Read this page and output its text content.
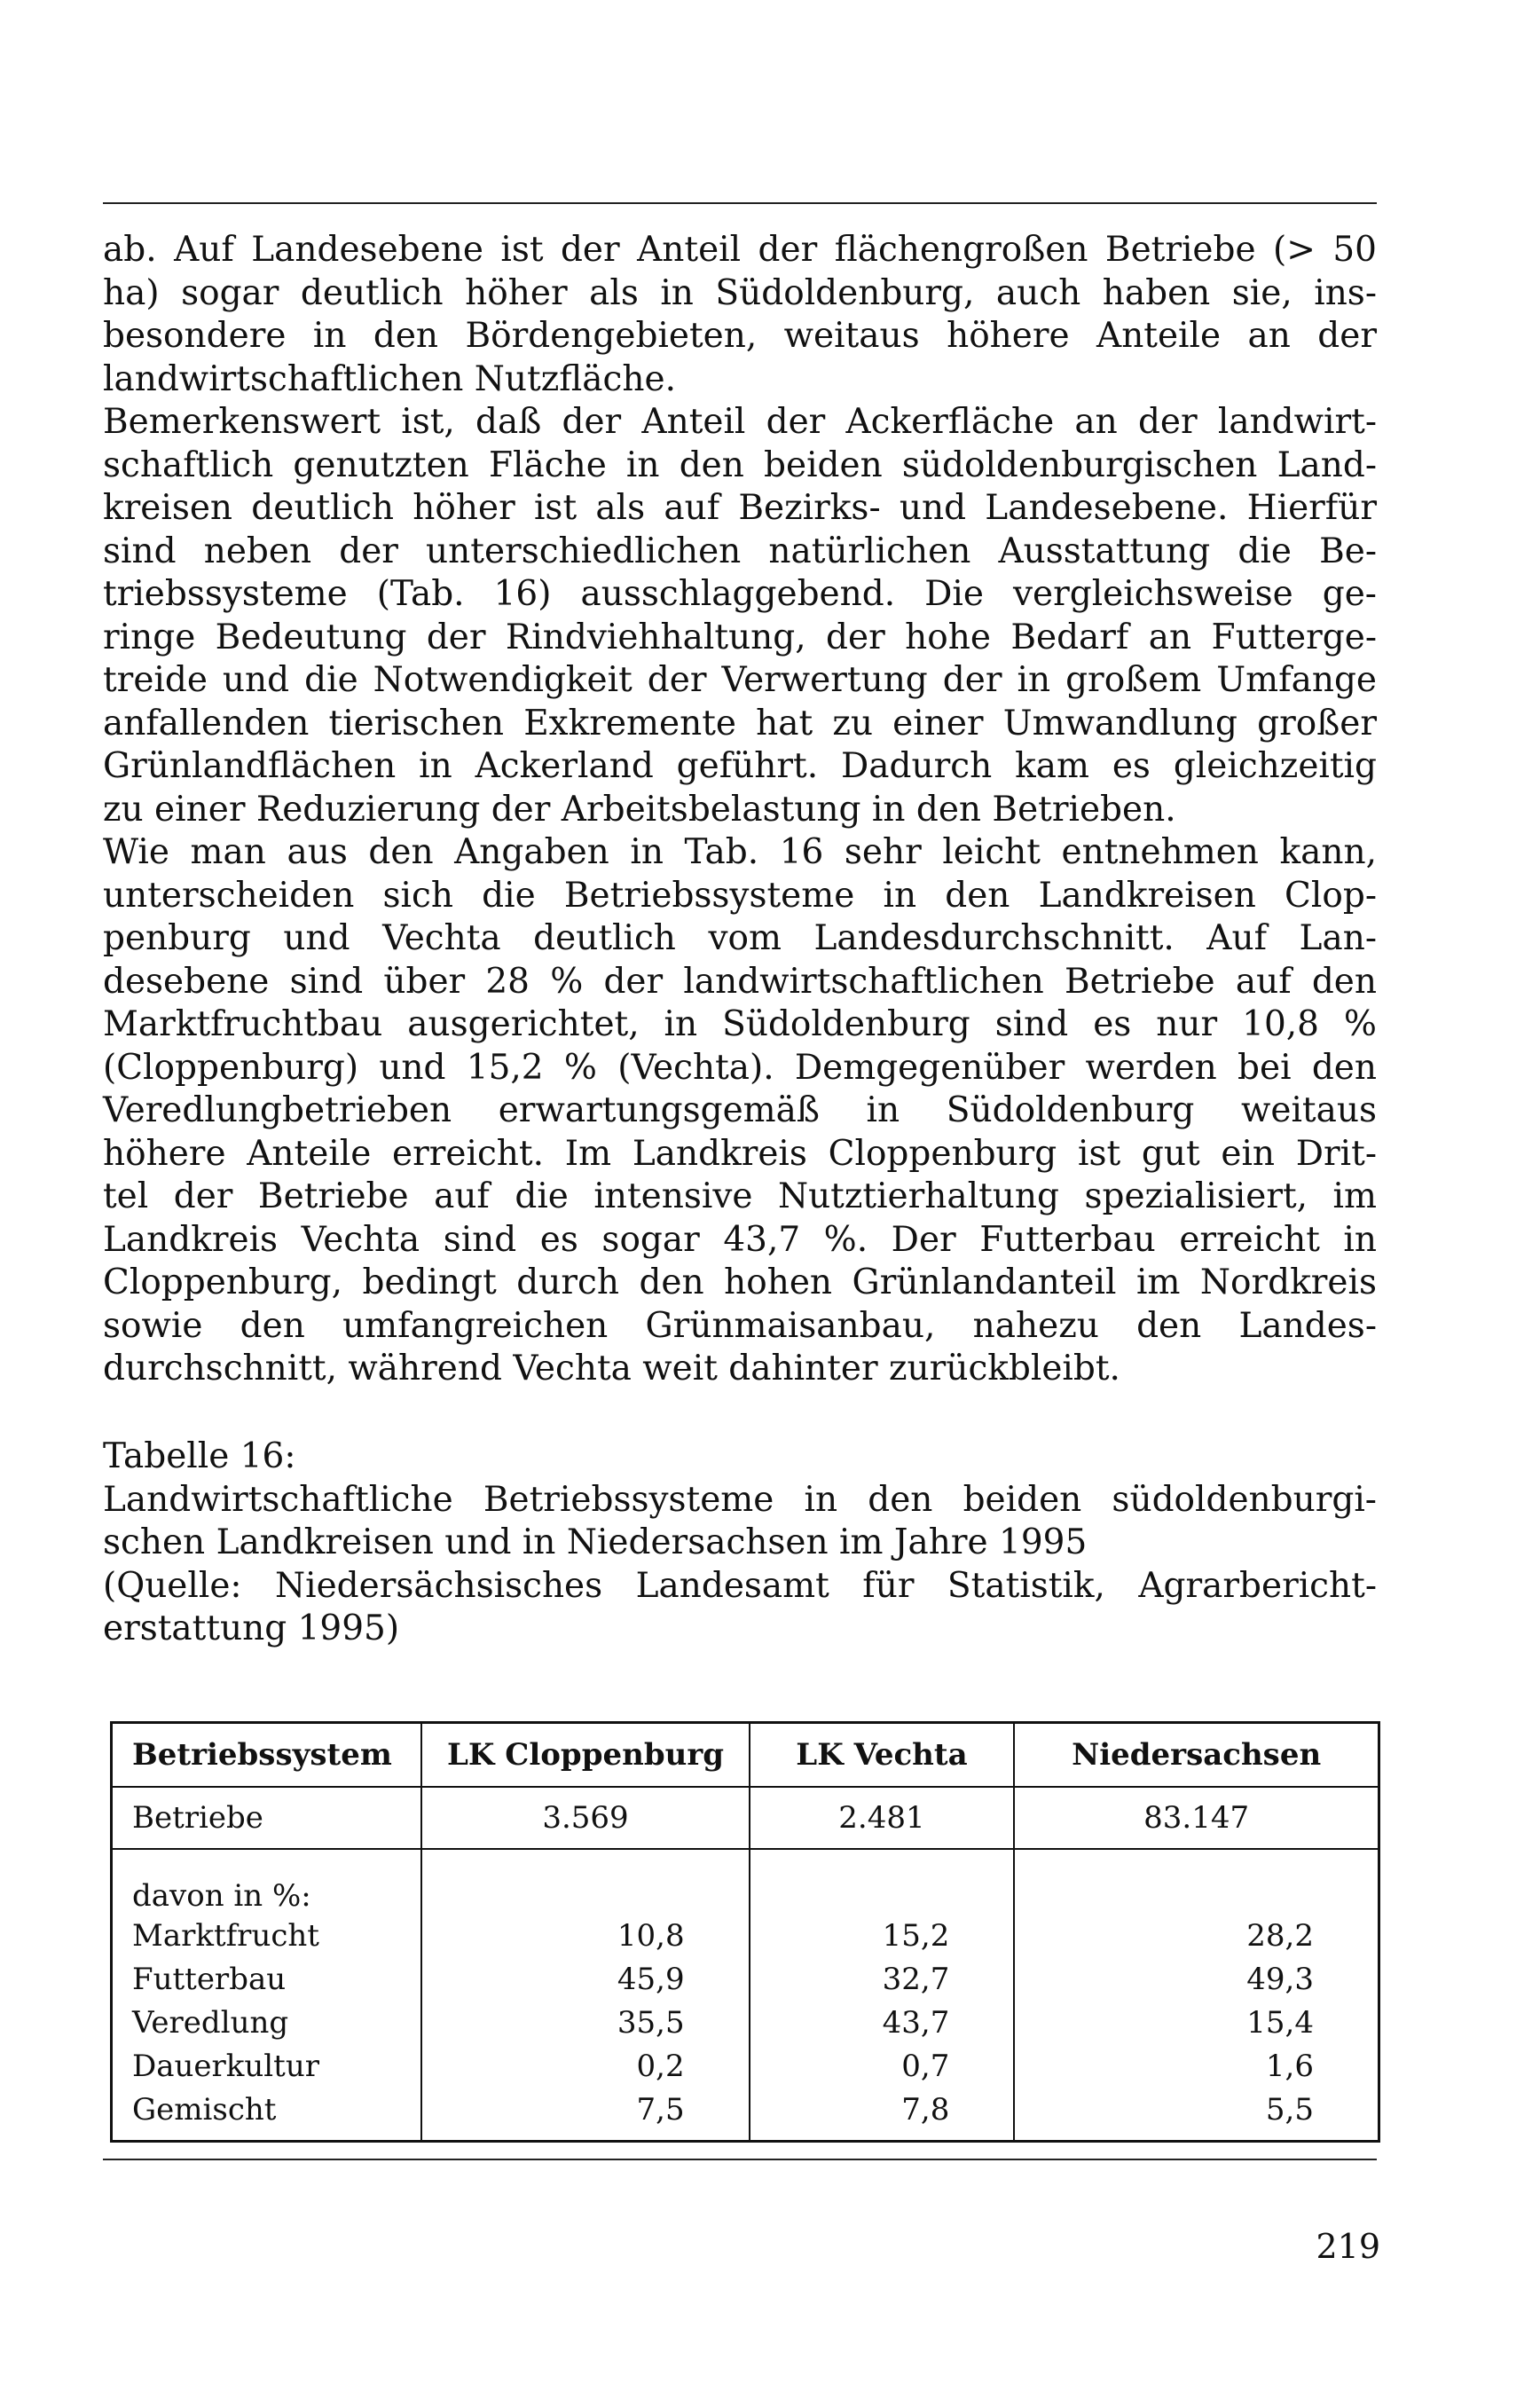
ab. Auf Landesebene ist der Anteil der flächengroßen Betriebe (> 50
ha) sogar deutlich höher als in Südoldenburg, auch haben sie, ins-
besondere in den Bördengebieten, weitaus höhere Anteile an der
landwirtschaftlichen Nutzfläche.
Bemerkenswert ist, daß der Anteil der Ackerfläche an der landwirt-
schaftlich genutzten Fläche in den beiden südoldenburgischen Land-
kreisen deutlich höher ist als auf Bezirks- und Landesebene. Hierfür
sind neben der unterschiedlichen natürlichen Ausstattung die Be-
triebssysteme (Tab. 16) ausschlaggebend. Die vergleichsweise ge-
ringe Bedeutung der Rindviehhaltung, der hohe Bedarf an Futterge-
treide und die Notwendigkeit der Verwertung der in großem Umfange
anfallenden tierischen Exkremente hat zu einer Umwandlung großer
Grünlandflächen in Ackerland geführt. Dadurch kam es gleichzeitig
zu einer Reduzierung der Arbeitsbelastung in den Betrieben.
Wie man aus den Angaben in Tab. 16 sehr leicht entnehmen kann,
unterscheiden sich die Betriebssysteme in den Landkreisen Clop-
penburg und Vechta deutlich vom Landesdurchschnitt. Auf Lan-
desebene sind über 28 % der landwirtschaftlichen Betriebe auf den
Marktfruchtbau ausgerichtet, in Südoldenburg sind es nur 10,8 %
(Cloppenburg) und 15,2 % (Vechta). Demgegenüber werden bei den
Veredlungbetrieben erwartungsgemäß in Südoldenburg weitaus
höhere Anteile erreicht. Im Landkreis Cloppenburg ist gut ein Drit-
tel der Betriebe auf die intensive Nutztierhaltung spezialisiert, im
Landkreis Vechta sind es sogar 43,7 %. Der Futterbau erreicht in
Cloppenburg, bedingt durch den hohen Grünlandanteil im Nordkreis
sowie den umfangreichen Grünmaisanbau, nahezu den Landes-
durchschnitt, während Vechta weit dahinter zurückbleibt.
Tabelle 16:
Landwirtschaftliche Betriebssysteme in den beiden südoldenburgi-
schen Landkreisen und in Niedersachsen im Jahre 1995
(Quelle: Niedersächsisches Landesamt für Statistik, Agrarbericht-
erstattung 1995)
Betriebssystem	LK Cloppenburg	LK Vechta	Niedersachsen
Betriebe	3.569	2.481	83.147
davon in %:			
Marktfrucht	10,8	15,2	28,2
Futterbau	45,9	32,7	49,3
Veredlung	35,5	43,7	15,4
Dauerkultur	0,2	0,7	1,6
Gemischt	7,5	7,8	5,5
219
